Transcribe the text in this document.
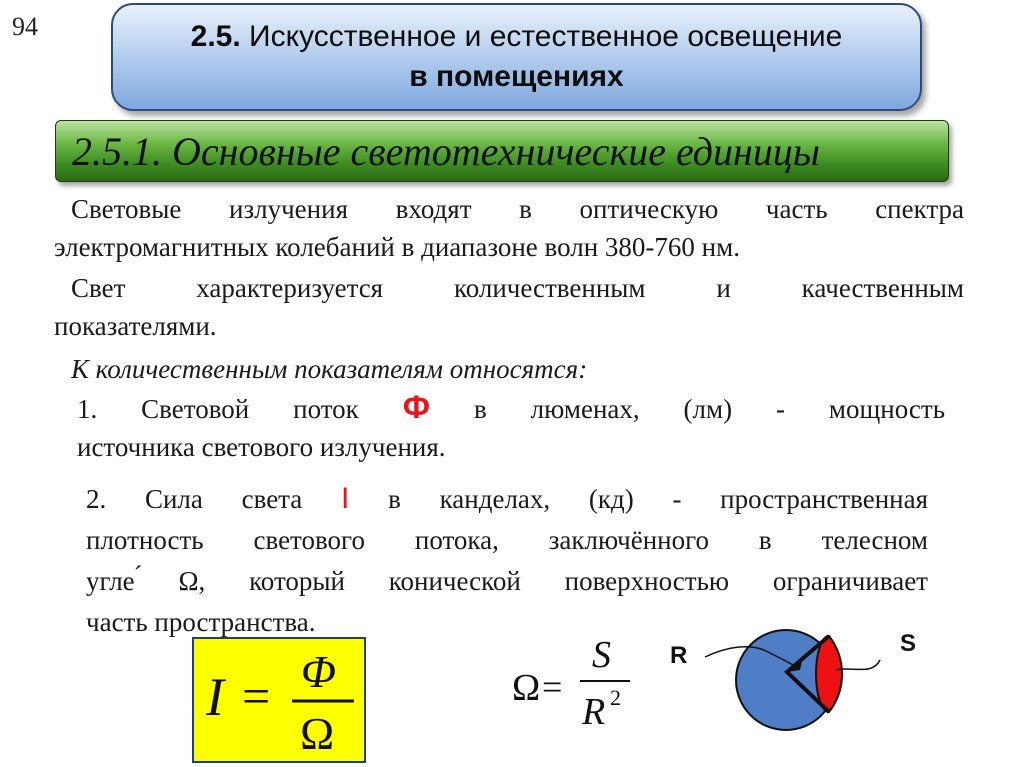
94	2.5. Искусственное и естественное освещение
в помещениях
2.5.1. Основные светотехнические единицы
Световые излучения входят в оптическую часть спектра
электромагнитных колебаний в диапазоне волн 380-760 нм.
Свет характеризуется количественным и качественным
показателями.
К количественным показателям относятся:
1. Световой поток Ф в люменах, (лм) - мощность
источника светового излучения.
2. Сила света I в канделах, (кд) - пространственная
плотность светового потока, заключённого в телесном
угле ́Ω, который конической поверхностью ограничивает
часть пространства.
I = Φ
Ω
Ω =
S
R 2
R	S
